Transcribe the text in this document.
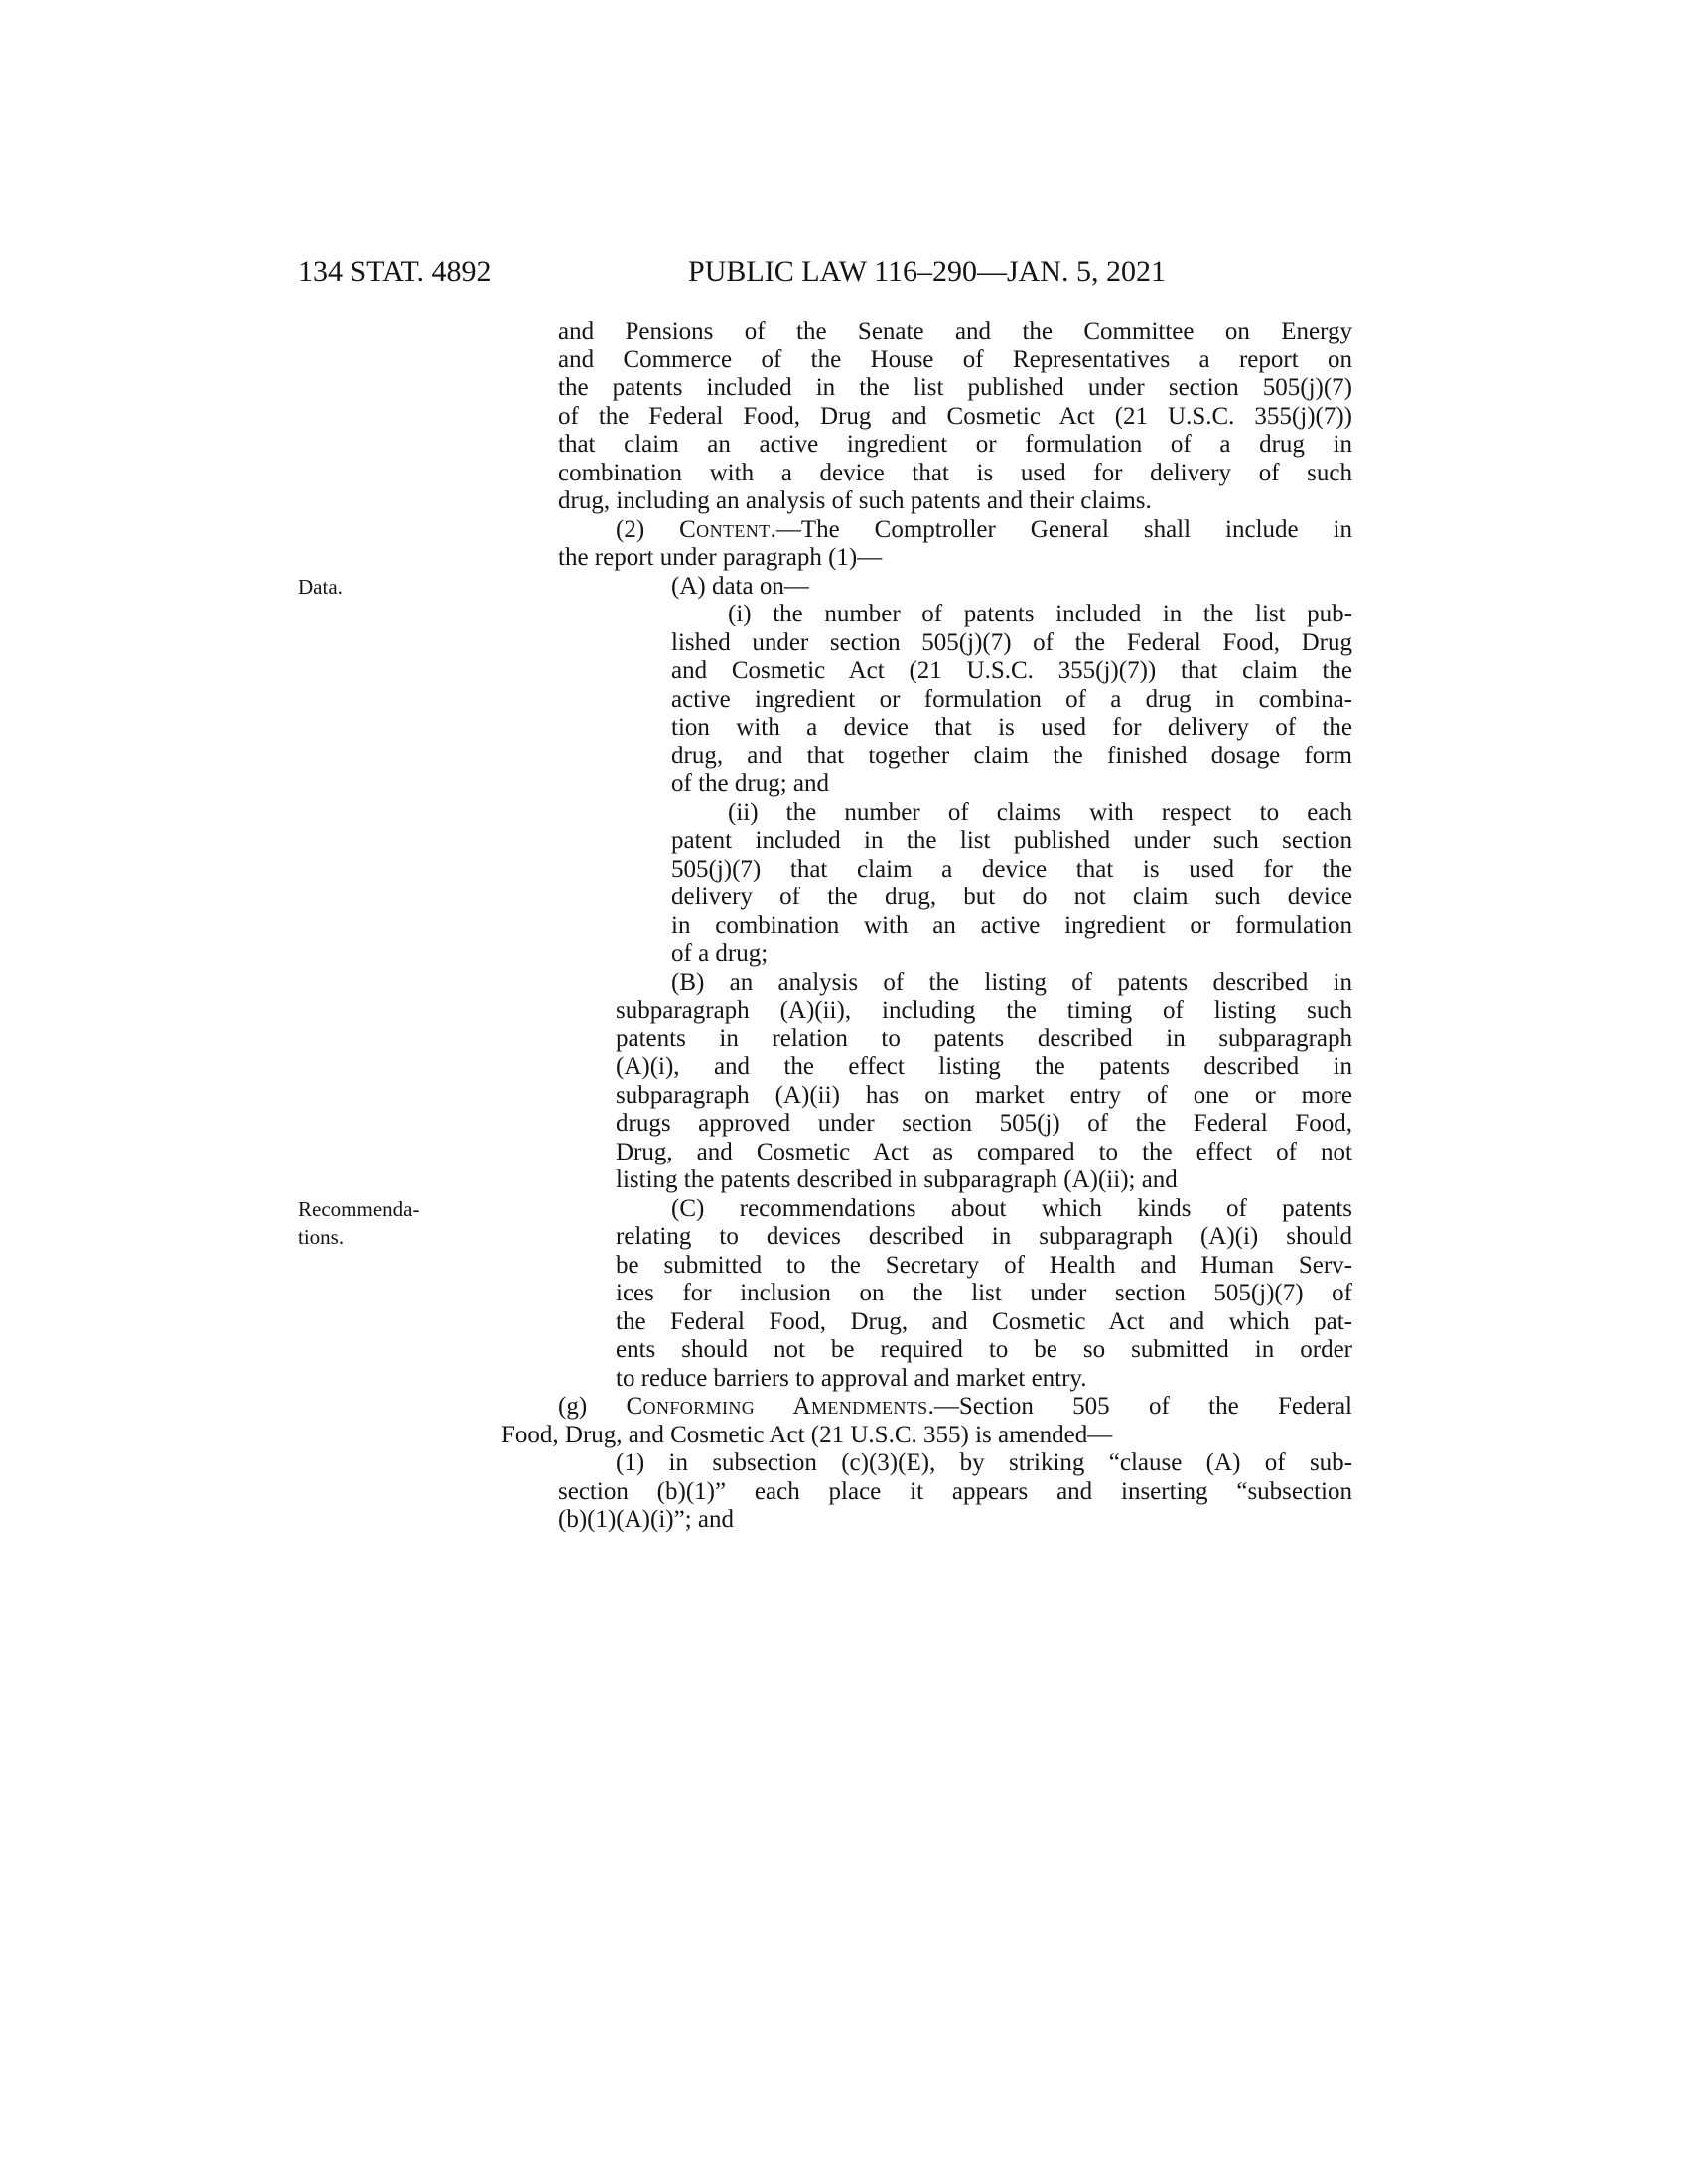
134 STAT. 4892	PUBLIC LAW 116–290—JAN. 5, 2021
and Pensions of the Senate and the Committee on Energy
and Commerce of the House of Representatives a report on
the patents included in the list published under section 505(j)(7)
of the Federal Food, Drug and Cosmetic Act (21 U.S.C. 355(j)(7))
that claim an active ingredient or formulation of a drug in
combination with a device that is used for delivery of such
drug, including an analysis of such patents and their claims.
(2) Content.—The Comptroller General shall include in
the report under paragraph (1)—
(A) data on—
(i) the number of patents included in the list pub-
lished under section 505(j)(7) of the Federal Food, Drug
and Cosmetic Act (21 U.S.C. 355(j)(7)) that claim the
active ingredient or formulation of a drug in combina-
tion with a device that is used for delivery of the
drug, and that together claim the finished dosage form
of the drug; and
(ii) the number of claims with respect to each
patent included in the list published under such section
505(j)(7) that claim a device that is used for the
delivery of the drug, but do not claim such device
in combination with an active ingredient or formulation
of a drug;
(B) an analysis of the listing of patents described in
subparagraph (A)(ii), including the timing of listing such
patents in relation to patents described in subparagraph
(A)(i), and the effect listing the patents described in
subparagraph (A)(ii) has on market entry of one or more
drugs approved under section 505(j) of the Federal Food,
Drug, and Cosmetic Act as compared to the effect of not
listing the patents described in subparagraph (A)(ii); and
(C) recommendations about which kinds of patents
relating to devices described in subparagraph (A)(i) should
be submitted to the Secretary of Health and Human Serv-
ices for inclusion on the list under section 505(j)(7) of
the Federal Food, Drug, and Cosmetic Act and which pat-
ents should not be required to be so submitted in order
to reduce barriers to approval and market entry.
(g) Conforming Amendments.—Section 505 of the Federal
Food, Drug, and Cosmetic Act (21 U.S.C. 355) is amended—
(1) in subsection (c)(3)(E), by striking “clause (A) of sub-
section (b)(1)” each place it appears and inserting “subsection
(b)(1)(A)(i)”; and
Data.
Recommenda-
tions.
